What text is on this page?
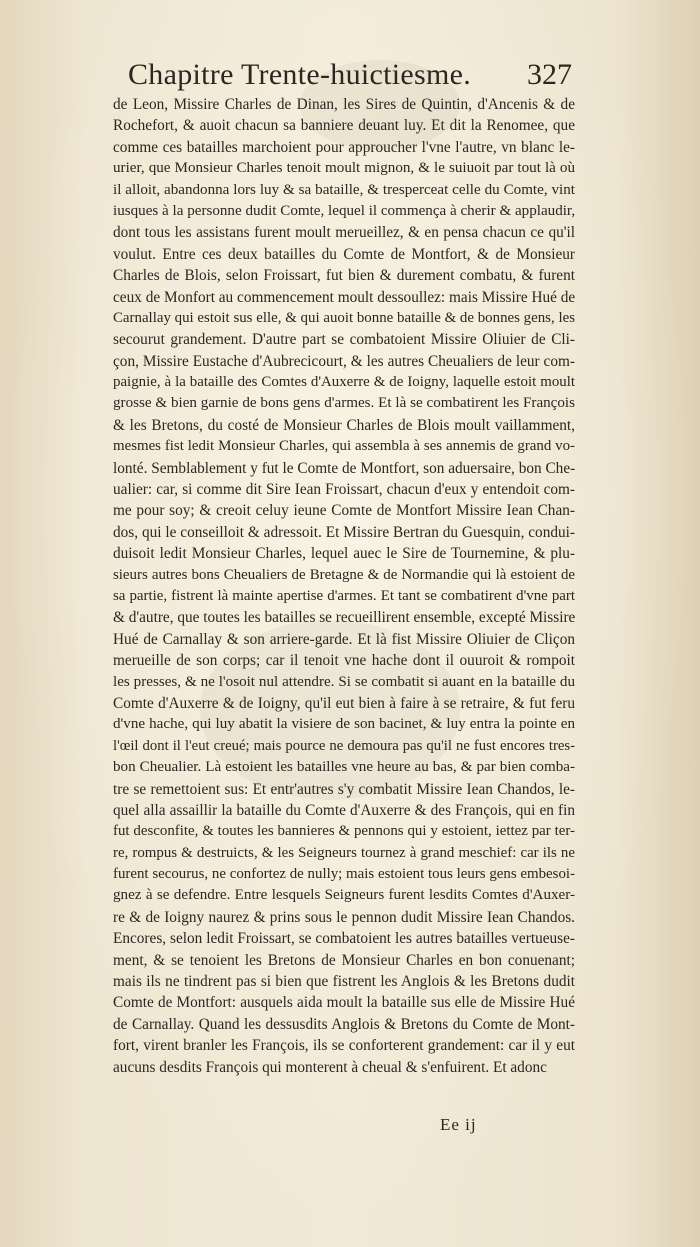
Chapitre Trente-huictiesme. 327
de Leon, Missire Charles de Dinan, les Sires de Quintin, d'Ancenis & de
Rochefort, & auoit chacun sa banniere deuant luy. Et dit la Renomee, que
comme ces batailles marchoient pour approucher l'vne l'autre, vn blanc le-
urier, que Monsieur Charles tenoit moult mignon, & le suiuoit par tout là où
il alloit, abandonna lors luy & sa bataille, & tresperceat celle du Comte, vint
iusques à la personne dudit Comte, lequel il commença à cherir & applaudir,
dont tous les assistans furent moult merueillez, & en pensa chacun ce qu'il
voulut. Entre ces deux batailles du Comte de Montfort, & de Monsieur
Charles de Blois, selon Froissart, fut bien & durement combatu, & furent
ceux de Monfort au commencement moult dessoullez: mais Missire Hué de
Carnallay qui estoit sus elle, & qui auoit bonne bataille & de bonnes gens, les
secourut grandement. D'autre part se combatoient Missire Oliuier de Cli-
çon, Missire Eustache d'Aubrecicourt, & les autres Cheualiers de leur com-
paignie, à la bataille des Comtes d'Auxerre & de Ioigny, laquelle estoit moult
grosse & bien garnie de bons gens d'armes. Et là se combatirent les François
& les Bretons, du costé de Monsieur Charles de Blois moult vaillamment,
mesmes fist ledit Monsieur Charles, qui assembla à ses annemis de grand vo-
lonté. Semblablement y fut le Comte de Montfort, son aduersaire, bon Che-
ualier: car, si comme dit Sire Iean Froissart, chacun d'eux y entendoit com-
me pour soy; & creoit celuy ieune Comte de Montfort Missire Iean Chan-
dos, qui le conseilloit & adressoit. Et Missire Bertran du Guesquin, condui-
duisoit ledit Monsieur Charles, lequel auec le Sire de Tournemine, & plu-
sieurs autres bons Cheualiers de Bretagne & de Normandie qui là estoient de
sa partie, fistrent là mainte apertise d'armes. Et tant se combatirent d'vne part
& d'autre, que toutes les batailles se recueillirent ensemble, excepté Missire
Hué de Carnallay & son arriere-garde. Et là fist Missire Oliuier de Cliçon
merueille de son corps; car il tenoit vne hache dont il ouuroit & rompoit
les presses, & ne l'osoit nul attendre. Si se combatit si auant en la bataille du
Comte d'Auxerre & de Ioigny, qu'il eut bien à faire à se retraire, & fut feru
d'vne hache, qui luy abatit la visiere de son bacinet, & luy entra la pointe en
l'œil dont il l'eut creué; mais pource ne demoura pas qu'il ne fust encores tres-
bon Cheualier. Là estoient les batailles vne heure au bas, & par bien comba-
tre se remettoient sus: Et entr'autres s'y combatit Missire Iean Chandos, le-
quel alla assaillir la bataille du Comte d'Auxerre & des François, qui en fin
fut desconfite, & toutes les bannieres & pennons qui y estoient, iettez par ter-
re, rompus & destruicts, & les Seigneurs tournez à grand meschief: car ils ne
furent secourus, ne confortez de nully; mais estoient tous leurs gens embesoi-
gnez à se defendre. Entre lesquels Seigneurs furent lesdits Comtes d'Auxer-
re & de Ioigny naurez & prins sous le pennon dudit Missire Iean Chandos.
Encores, selon ledit Froissart, se combatoient les autres batailles vertueuse-
ment, & se tenoient les Bretons de Monsieur Charles en bon conuenant;
mais ils ne tindrent pas si bien que fistrent les Anglois & les Bretons dudit
Comte de Montfort: ausquels aida moult la bataille sus elle de Missire Hué
de Carnallay. Quand les dessusdits Anglois & Bretons du Comte de Mont-
fort, virent branler les François, ils se conforterent grandement: car il y eut
aucuns desdits François qui monterent à cheual & s'enfuirent. Et adonc
Ee ij
